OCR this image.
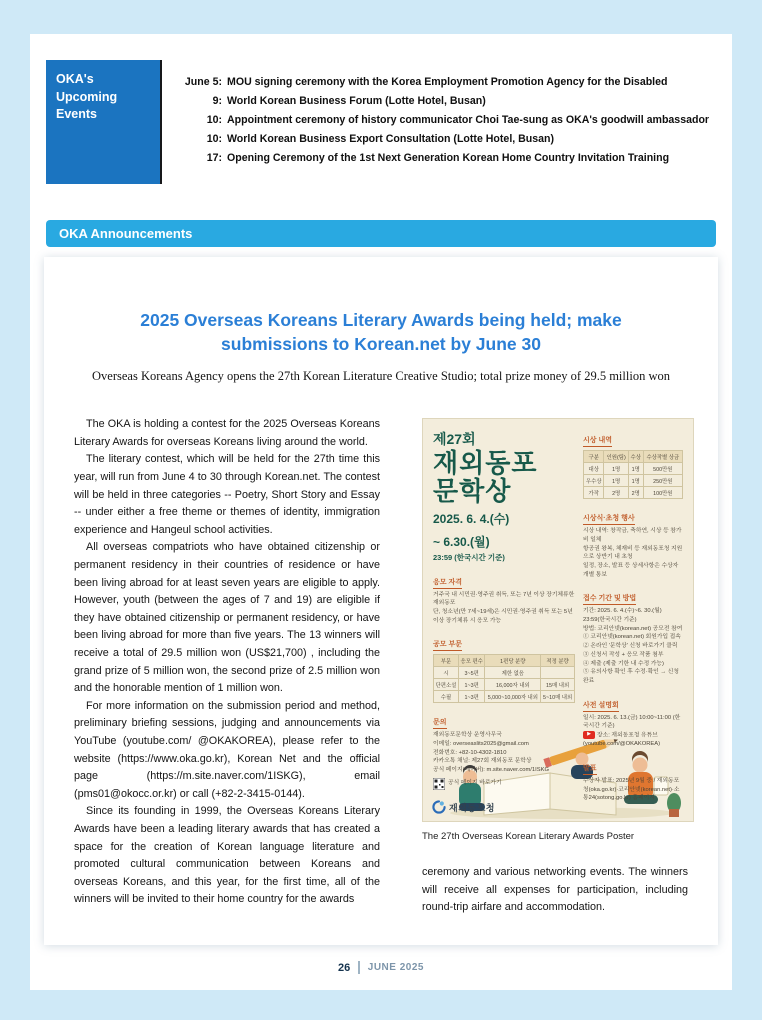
OKA's
Upcoming
Events
June 5: MOU signing ceremony with the Korea Employment Promotion Agency for the Disabled
9: World Korean Business Forum (Lotte Hotel, Busan)
10: Appointment ceremony of history communicator Choi Tae-sung as OKA's goodwill ambassador
10: World Korean Business Export Consultation (Lotte Hotel, Busan)
17: Opening Ceremony of the 1st Next Generation Korean Home Country Invitation Training
OKA Announcements
2025 Overseas Koreans Literary Awards being held; make submissions to Korean.net by June 30

Overseas Koreans Agency opens the 27th Korean Literature Creative Studio; total prize money of 29.5 million won

The OKA is holding a contest for the 2025 Overseas Koreans Literary Awards for overseas Koreans living around the world.

The literary contest, which will be held for the 27th time this year, will run from June 4 to 30 through Korean.net. The contest will be held in three categories -- Poetry, Short Story and Essay -- under either a free theme or themes of identity, immigration experience and Hangeul school activities.

All overseas compatriots who have obtained citizenship or permanent residency in their countries of residence or have been living abroad for at least seven years are eligible to apply. However, youth (between the ages of 7 and 19) are eligible if they have obtained citizenship or permanent residency, or have been living abroad for more than five years. The 13 winners will receive a total of 29.5 million won (US$21,700) , including the grand prize of 5 million won, the second prize of 2.5 million won and the honorable mention of 1 million won.

For more information on the submission period and method, preliminary briefing sessions, judging and announcements via YouTube (youtube.com/ @OKAKOREA), please refer to the website (https://www.oka.go.kr), Korean Net and the official page (https://m.site.naver.com/1ISKG), email (pms01@okocc.or.kr) or call (+82-2-3415-0144).

Since its founding in 1999, the Overseas Koreans Literary Awards have been a leading literary awards that has created a space for the creation of Korean language literature and promoted cultural communication between Koreans and overseas Koreans, and this year, for the first time, all of the winners will be invited to their home country for the awards

제27회
재외동포
문학상
2025. 6. 4.(수)
~ 6.30.(월)
23:59 (한국시간 기준)
응모 자격
거주국 내 시민권·영주권 취득, 또는 7년 이상 장기체류한 재외동포
단, 청소년(만 7세~19세)은 시민권·영주권 취득 또는 5년 이상 장기체류 시 응모 가능
공모 부문
부문	응모 편수	1편당 분량	적정 분량
시	3~5편	제한 없음	
단편소설	1~3편	16,000자 내외	15매 내외
수필	1~3편	5,000~10,000자 내외	5~10매 내외
문의
재외동포문학상 운영사무국
이메일: overseaslits2025@gmail.com
전화번호: +82-10-4302-1810
카카오톡 채널: 제27회 재외동포 문학상
공식 페이지(네이버): m.site.naver.com/1ISKG
공식 페이지 바로가기
시상 내역
구분	인원(팀)	수상	수상작별 상금
대상	1명	1명	500만원
우수상	1명	1명	250만원
가작	2명	2명	100만원
시상식·초청 행사
시상 내역: 창작금, 축하연, 시상 등 참가비 일체
항공권 왕복, 체재비 등 재외동포청 지원으로 상반기 내 초청
일정, 장소, 발표 등 상세사항은 수상자 개별 통보
접수 기간 및 방법
기간: 2025. 6. 4.(수)~6. 30.(월) 23:59(한국시간 기준)
방법: 코리안넷(korean.net) 공모전 참여
① 코리안넷(korean.net) 회원가입 접속
② 온라인 '문학상' 신청 바로가기 클릭
③ 신청서 작성 + 응모 작품 첨부
④ 제출 (제출 기한 내 수정 가능)
⑤ 유의사항 확인 후 수정·확인 → 신청 완료
사전 설명회
일시: 2025. 6. 13.(금) 10:00~11:00 (한국시간 기준)
▶ 장소: 재외동포청 유튜브 (youtube.com/@OKAKOREA)
발표
수상자 발표: 2025년 9월 중 / 재외동포청(oka.go.kr)·코리안넷(korean.net)·소통24(sotong.go.kr) 홈페이지
재외동포청
The 27th Overseas Korean Literary Awards Poster

ceremony and various networking events. The winners will receive all expenses for participation, including round-trip airfare and accommodation.

26 JUNE 2025
